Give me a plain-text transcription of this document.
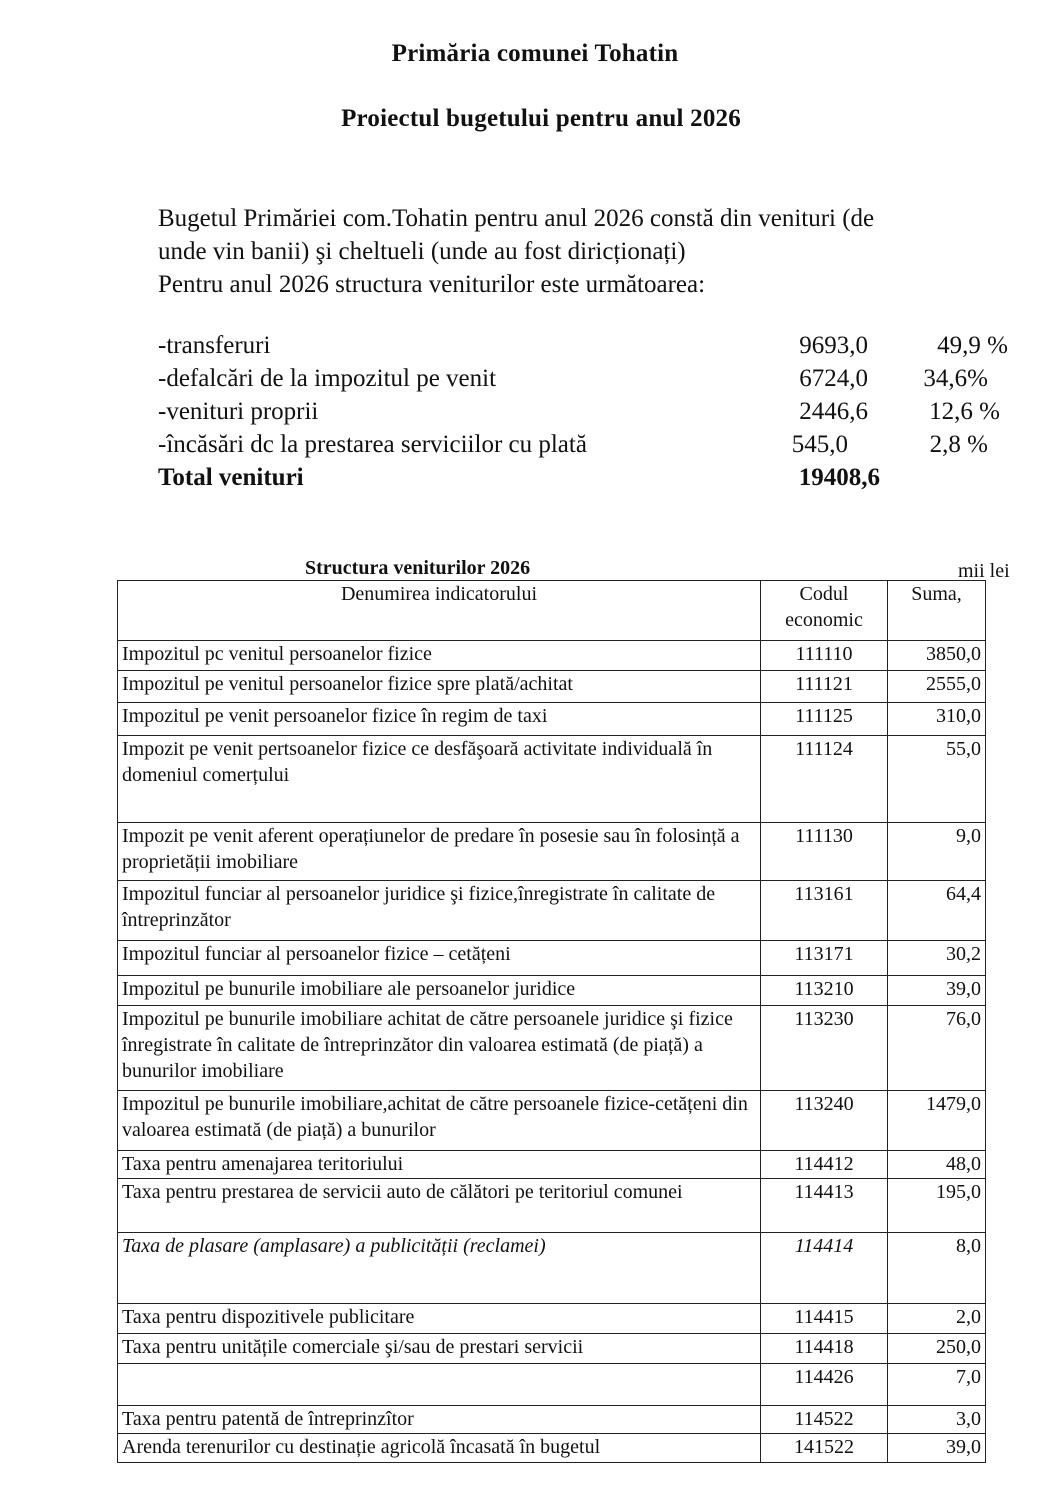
Primăria comunei Tohatin
Proiectul bugetului pentru anul 2026

Bugetul Primăriei com.Tohatin pentru anul 2026 constă din venituri (de

unde vin banii) şi cheltueli (unde au fost diricționați)

Pentru anul 2026 structura veniturilor este următoarea:

-transferuri	9693,0	49,9 %
-defalcări de la impozitul pe venit	6724,0	34,6%
-venituri proprii	2446,6	12,6 %
-încăsări dc la prestarea serviciilor cu plată	545,0	2,8 %
Total venituri	19408,6
Structura veniturilor 2026	mii lei
Denumirea indicatorului	Codul economic	Suma,
Impozitul pc venitul persoanelor fizice	111110	3850,0
Impozitul pe venitul persoanelor fizice spre plată/achitat	111121	2555,0
Impozitul pe venit persoanelor fizice în regim de taxi	111125	310,0
Impozit pe venit pertsoanelor fizice ce desfăşoară activitate individuală în domeniul comerțului	111124	55,0
Impozit pe venit aferent operațiunelor de predare în posesie sau în folosință a proprietății imobiliare	111130	9,0
Impozitul funciar al persoanelor juridice şi fizice,înregistrate în calitate de întreprinzător	113161	64,4
Impozitul funciar al persoanelor fizice – cetățeni	113171	30,2
Impozitul pe bunurile imobiliare ale persoanelor juridice	113210	39,0
Impozitul pe bunurile imobiliare achitat de către persoanele juridice şi fizice înregistrate în calitate de întreprinzător din valoarea estimată (de piață) a bunurilor imobiliare	113230	76,0
Impozitul pe bunurile imobiliare,achitat de către persoanele fizice-cetățeni din valoarea estimată (de piață) a bunurilor	113240	1479,0
Taxa pentru amenajarea teritoriului	114412	48,0
Taxa pentru prestarea de servicii auto de călători pe teritoriul comunei	114413	195,0
Taxa de plasare (amplasare) a publicității (reclamei)	114414	8,0
Taxa pentru dispozitivele publicitare	114415	2,0
Taxa pentru unitățile comerciale şi/sau de prestari servicii	114418	250,0
	114426	7,0
Taxa pentru patentă de întreprinzîtor	114522	3,0
Arenda terenurilor cu destinație agricolă încasată în bugetul	141522	39,0
